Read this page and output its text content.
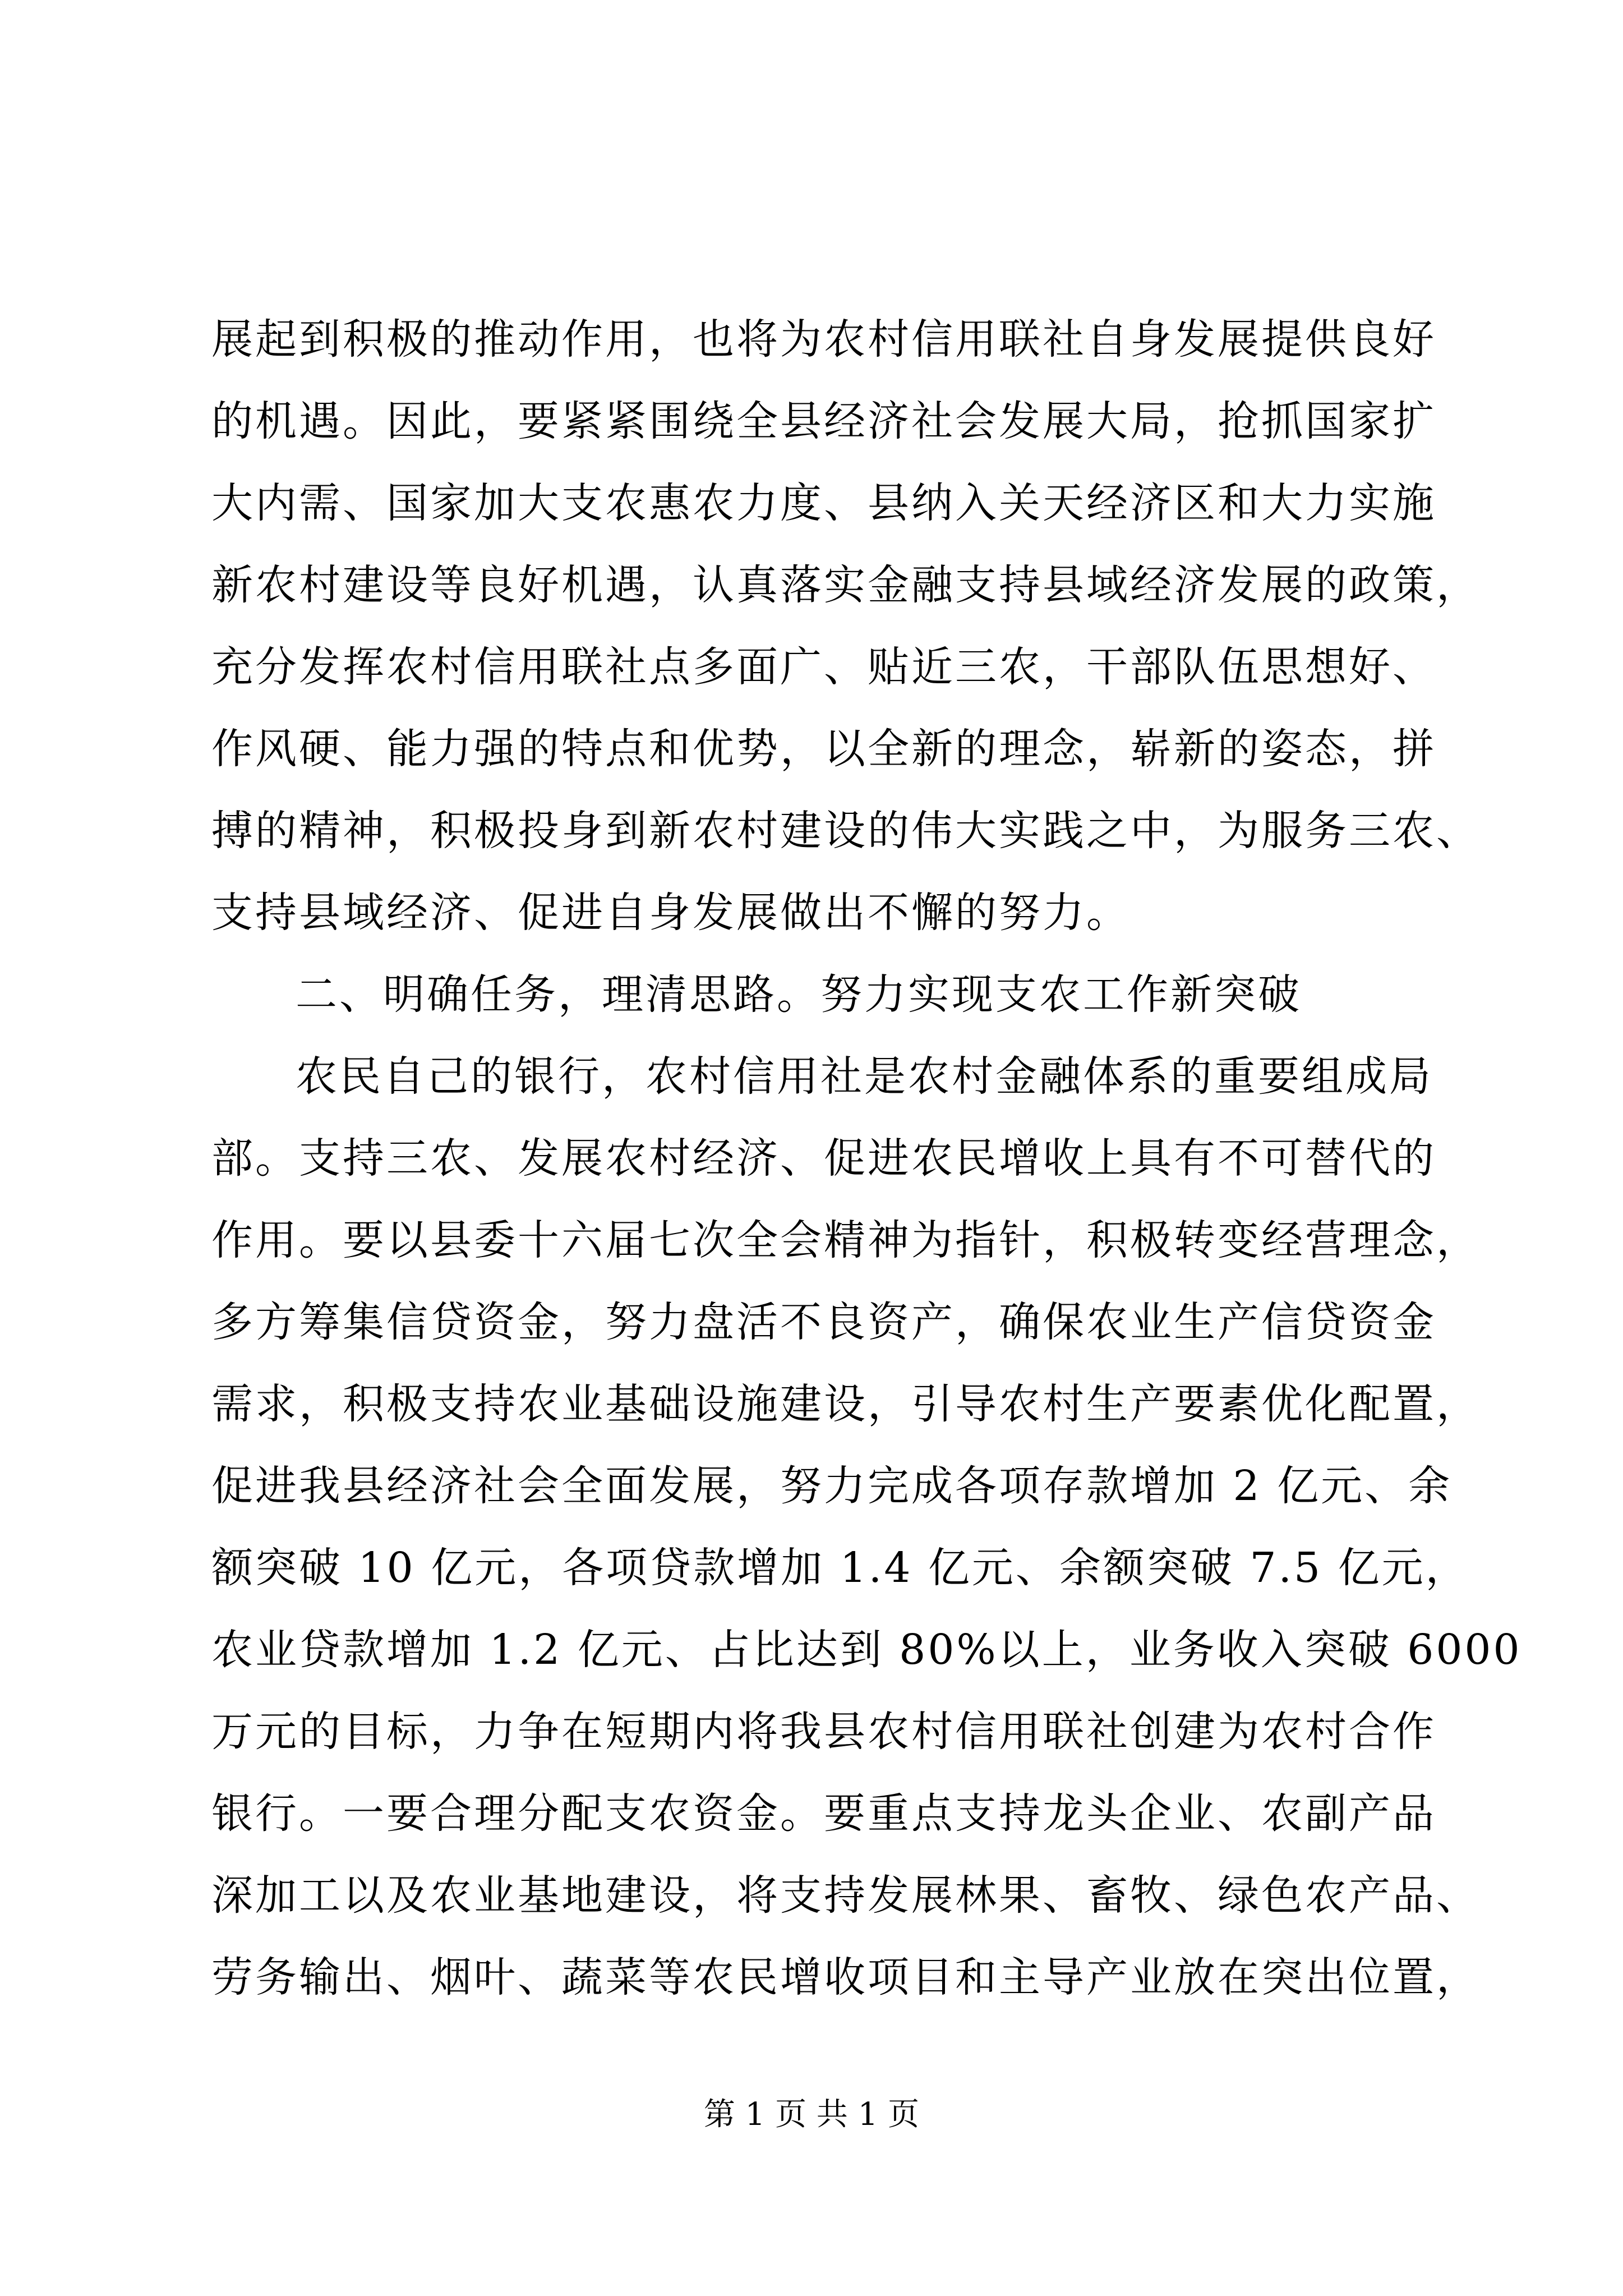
展起到积极的推动作用，也将为农村信用联社自身发展提供良好
的机遇。因此，要紧紧围绕全县经济社会发展大局，抢抓国家扩
大内需、国家加大支农惠农力度、县纳入关天经济区和大力实施
新农村建设等良好机遇，认真落实金融支持县域经济发展的政策，
充分发挥农村信用联社点多面广、贴近三农，干部队伍思想好、
作风硬、能力强的特点和优势，以全新的理念，崭新的姿态，拼
搏的精神，积极投身到新农村建设的伟大实践之中，为服务三农、
支持县域经济、促进自身发展做出不懈的努力。
二、明确任务，理清思路。努力实现支农工作新突破
农民自己的银行，农村信用社是农村金融体系的重要组成局
部。支持三农、发展农村经济、促进农民增收上具有不可替代的
作用。要以县委十六届七次全会精神为指针，积极转变经营理念，
多方筹集信贷资金，努力盘活不良资产，确保农业生产信贷资金
需求，积极支持农业基础设施建设，引导农村生产要素优化配置，
促进我县经济社会全面发展，努力完成各项存款增加 2 亿元、余
额突破 10 亿元，各项贷款增加 1.4 亿元、余额突破 7.5 亿元，
农业贷款增加 1.2 亿元、占比达到 80%以上，业务收入突破 6000
万元的目标，力争在短期内将我县农村信用联社创建为农村合作
银行。一要合理分配支农资金。要重点支持龙头企业、农副产品
深加工以及农业基地建设，将支持发展林果、畜牧、绿色农产品、
劳务输出、烟叶、蔬菜等农民增收项目和主导产业放在突出位置，
第 1 页 共 1 页
